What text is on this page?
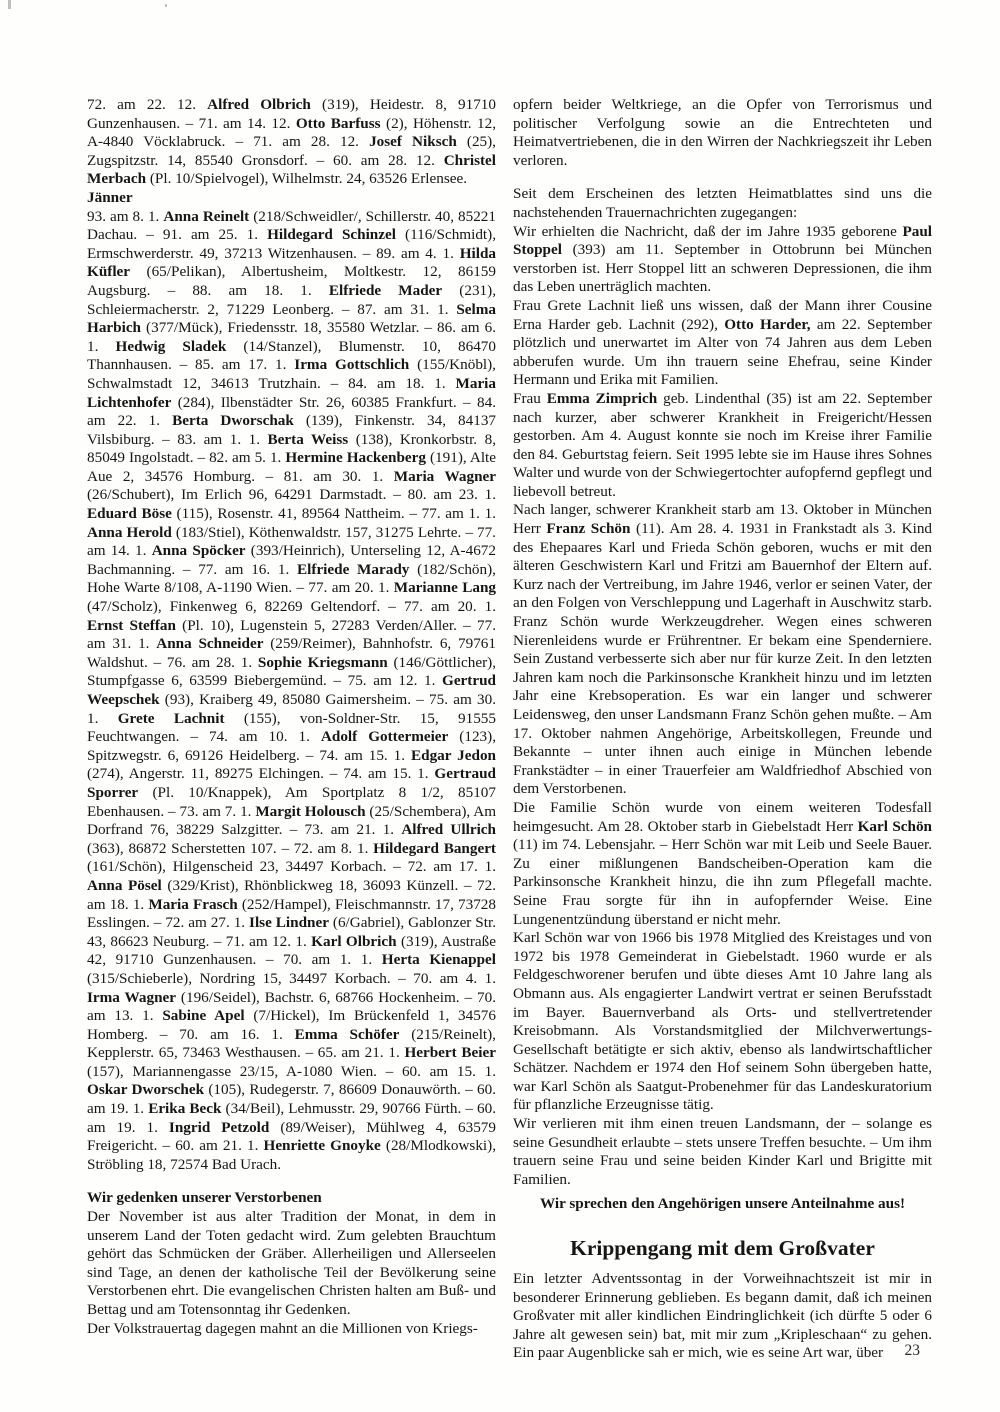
72. am 22. 12. Alfred Olbrich (319), Heidestr. 8, 91710 Gunzenhausen. – 71. am 14. 12. Otto Barfuss (2), Höhenstr. 12, A-4840 Vöcklabruck. – 71. am 28. 12. Josef Niksch (25), Zugspitzstr. 14, 85540 Gronsdorf. – 60. am 28. 12. Christel Merbach (Pl. 10/Spielvogel), Wilhelmstr. 24, 63526 Erlensee.

Jänner

93. am 8. 1. Anna Reinelt (218/Schweidler/, Schillerstr. 40, 85221 Dachau. – 91. am 25. 1. Hildegard Schinzel (116/Schmidt), Ermschwerderstr. 49, 37213 Witzenhausen. – 89. am 4. 1. Hilda Küfler (65/Pelikan), Albertusheim, Moltkestr. 12, 86159 Augsburg. – 88. am 18. 1. Elfriede Mader (231), Schleiermacherstr. 2, 71229 Leonberg. – 87. am 31. 1. Selma Harbich (377/Mück), Friedensstr. 18, 35580 Wetzlar. – 86. am 6. 1. Hedwig Sladek (14/Stanzel), Blumenstr. 10, 86470 Thannhausen. – 85. am 17. 1. Irma Gottschlich (155/Knöbl), Schwalmstadt 12, 34613 Trutzhain. – 84. am 18. 1. Maria Lichtenhofer (284), Ilbenstädter Str. 26, 60385 Frankfurt. – 84. am 22. 1. Berta Dworschak (139), Finkenstr. 34, 84137 Vilsbiburg. – 83. am 1. 1. Berta Weiss (138), Kronkorbstr. 8, 85049 Ingolstadt. – 82. am 5. 1. Hermine Hackenberg (191), Alte Aue 2, 34576 Homburg. – 81. am 30. 1. Maria Wagner (26/Schubert), Im Erlich 96, 64291 Darmstadt. – 80. am 23. 1. Eduard Böse (115), Rosenstr. 41, 89564 Nattheim. – 77. am 1. 1. Anna Herold (183/Stiel), Köthenwaldstr. 157, 31275 Lehrte. – 77. am 14. 1. Anna Spöcker (393/Heinrich), Unterseling 12, A-4672 Bachmanning. – 77. am 16. 1. Elfriede Marady (182/Schön), Hohe Warte 8/108, A-1190 Wien. – 77. am 20. 1. Marianne Lang (47/Scholz), Finkenweg 6, 82269 Geltendorf. – 77. am 20. 1. Ernst Steffan (Pl. 10), Lugenstein 5, 27283 Verden/Aller. – 77. am 31. 1. Anna Schneider (259/Reimer), Bahnhofstr. 6, 79761 Waldshut. – 76. am 28. 1. Sophie Kriegsmann (146/Göttlicher), Stumpfgasse 6, 63599 Biebergemünd. – 75. am 12. 1. Gertrud Weepschek (93), Kraiberg 49, 85080 Gaimersheim. – 75. am 30. 1. Grete Lachnit (155), von-Soldner-Str. 15, 91555 Feuchtwangen. – 74. am 10. 1. Adolf Gottermeier (123), Spitzwegstr. 6, 69126 Heidelberg. – 74. am 15. 1. Edgar Jedon (274), Angerstr. 11, 89275 Elchingen. – 74. am 15. 1. Gertraud Sporrer (Pl. 10/Knappek), Am Sportplatz 8 1/2, 85107 Ebenhausen. – 73. am 7. 1. Margit Holousch (25/Schembera), Am Dorfrand 76, 38229 Salzgitter. – 73. am 21. 1. Alfred Ullrich (363), 86872 Scherstetten 107. – 72. am 8. 1. Hildegard Bangert (161/Schön), Hilgenscheid 23, 34497 Korbach. – 72. am 17. 1. Anna Pösel (329/Krist), Rhönblickweg 18, 36093 Künzell. – 72. am 18. 1. Maria Frasch (252/Hampel), Fleischmannstr. 17, 73728 Esslingen. – 72. am 27. 1. Ilse Lindner (6/Gabriel), Gablonzer Str. 43, 86623 Neuburg. – 71. am 12. 1. Karl Olbrich (319), Austraße 42, 91710 Gunzenhausen. – 70. am 1. 1. Herta Kienappel (315/Schieberle), Nordring 15, 34497 Korbach. – 70. am 4. 1. Irma Wagner (196/Seidel), Bachstr. 6, 68766 Hockenheim. – 70. am 13. 1. Sabine Apel (7/Hickel), Im Brückenfeld 1, 34576 Homberg. – 70. am 16. 1. Emma Schöfer (215/Reinelt), Kepplerstr. 65, 73463 Westhausen. – 65. am 21. 1. Herbert Beier (157), Mariannengasse 23/15, A-1080 Wien. – 60. am 15. 1. Oskar Dworschek (105), Rudegerstr. 7, 86609 Donauwörth. – 60. am 19. 1. Erika Beck (34/Beil), Lehmusstr. 29, 90766 Fürth. – 60. am 19. 1. Ingrid Petzold (89/Weiser), Mühlweg 4, 63579 Freigericht. – 60. am 21. 1. Henriette Gnoyke (28/Mlodkowski), Ströbling 18, 72574 Bad Urach.

Wir gedenken unserer Verstorbenen

Der November ist aus alter Tradition der Monat, in dem in unserem Land der Toten gedacht wird. Zum gelebten Brauchtum gehört das Schmücken der Gräber. Allerheiligen und Allerseelen sind Tage, an denen der katholische Teil der Bevölkerung seine Verstorbenen ehrt. Die evangelischen Christen halten am Buß- und Bettag und am Totensonntag ihr Gedenken.

Der Volkstrauertag dagegen mahnt an die Millionen von Kriegs-

opfern beider Weltkriege, an die Opfer von Terrorismus und politischer Verfolgung sowie an die Entrechteten und Heimatvertriebenen, die in den Wirren der Nachkriegszeit ihr Leben verloren.

Seit dem Erscheinen des letzten Heimatblattes sind uns die nachstehenden Trauernachrichten zugegangen:

Wir erhielten die Nachricht, daß der im Jahre 1935 geborene Paul Stoppel (393) am 11. September in Ottobrunn bei München verstorben ist. Herr Stoppel litt an schweren Depressionen, die ihm das Leben unerträglich machten.

Frau Grete Lachnit ließ uns wissen, daß der Mann ihrer Cousine Erna Harder geb. Lachnit (292), Otto Harder, am 22. September plötzlich und unerwartet im Alter von 74 Jahren aus dem Leben abberufen wurde. Um ihn trauern seine Ehefrau, seine Kinder Hermann und Erika mit Familien.

Frau Emma Zimprich geb. Lindenthal (35) ist am 22. September nach kurzer, aber schwerer Krankheit in Freigericht/Hessen gestorben. Am 4. August konnte sie noch im Kreise ihrer Familie den 84. Geburtstag feiern. Seit 1995 lebte sie im Hause ihres Sohnes Walter und wurde von der Schwiegertochter aufopfernd gepflegt und liebevoll betreut.

Nach langer, schwerer Krankheit starb am 13. Oktober in München Herr Franz Schön (11). Am 28. 4. 1931 in Frankstadt als 3. Kind des Ehepaares Karl und Frieda Schön geboren, wuchs er mit den älteren Geschwistern Karl und Fritzi am Bauernhof der Eltern auf. Kurz nach der Vertreibung, im Jahre 1946, verlor er seinen Vater, der an den Folgen von Verschleppung und Lagerhaft in Auschwitz starb. Franz Schön wurde Werkzeugdreher. Wegen eines schweren Nierenleidens wurde er Frührentner. Er bekam eine Spenderniere. Sein Zustand verbesserte sich aber nur für kurze Zeit. In den letzten Jahren kam noch die Parkinsonsche Krankheit hinzu und im letzten Jahr eine Krebsoperation. Es war ein langer und schwerer Leidensweg, den unser Landsmann Franz Schön gehen mußte. – Am 17. Oktober nahmen Angehörige, Arbeitskollegen, Freunde und Bekannte – unter ihnen auch einige in München lebende Frankstädter – in einer Trauerfeier am Waldfriedhof Abschied von dem Verstorbenen.

Die Familie Schön wurde von einem weiteren Todesfall heimgesucht. Am 28. Oktober starb in Giebelstadt Herr Karl Schön (11) im 74. Lebensjahr. – Herr Schön war mit Leib und Seele Bauer. Zu einer mißlungenen Bandscheiben-Operation kam die Parkinsonsche Krankheit hinzu, die ihn zum Pflegefall machte. Seine Frau sorgte für ihn in aufopfernder Weise. Eine Lungenentzündung überstand er nicht mehr.

Karl Schön war von 1966 bis 1978 Mitglied des Kreistages und von 1972 bis 1978 Gemeinderat in Giebelstadt. 1960 wurde er als Feldgeschworener berufen und übte dieses Amt 10 Jahre lang als Obmann aus. Als engagierter Landwirt vertrat er seinen Berufsstadt im Bayer. Bauernverband als Orts- und stellvertretender Kreisobmann. Als Vorstandsmitglied der Milchverwertungs-Gesellschaft betätigte er sich aktiv, ebenso als landwirtschaftlicher Schätzer. Nachdem er 1974 den Hof seinem Sohn übergeben hatte, war Karl Schön als Saatgut-Probenehmer für das Landeskuratorium für pflanzliche Erzeugnisse tätig.

Wir verlieren mit ihm einen treuen Landsmann, der – solange es seine Gesundheit erlaubte – stets unsere Treffen besuchte. – Um ihm trauern seine Frau und seine beiden Kinder Karl und Brigitte mit Familien.

Wir sprechen den Angehörigen unsere Anteilnahme aus!

Krippengang mit dem Großvater

Ein letzter Adventssontag in der Vorweihnachtszeit ist mir in besonderer Erinnerung geblieben. Es begann damit, daß ich meinen Großvater mit aller kindlichen Eindringlichkeit (ich dürfte 5 oder 6 Jahre alt gewesen sein) bat, mit mir zum „Kripleschaan“ zu gehen. Ein paar Augenblicke sah er mich, wie es seine Art war, über	23
